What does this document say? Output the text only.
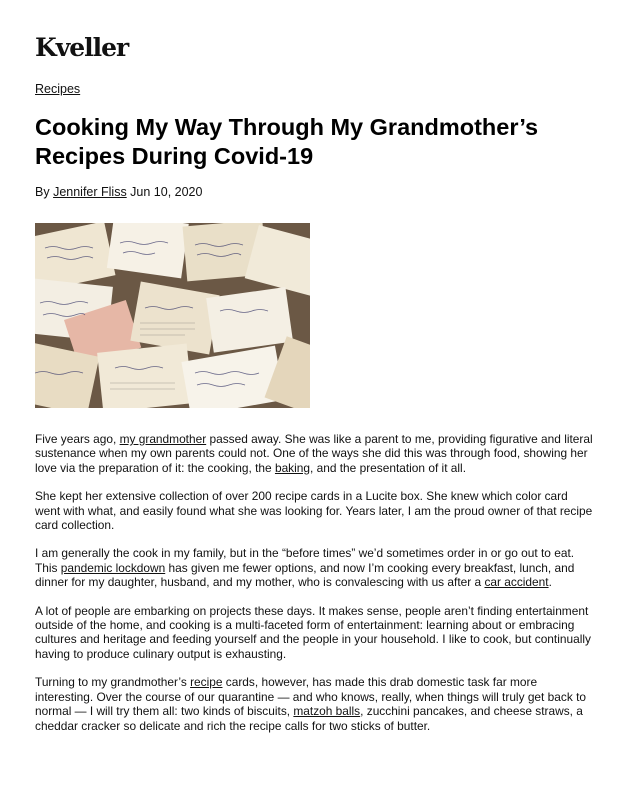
Kveller
Recipes
Cooking My Way Through My Grandmother’s Recipes During Covid-19
By Jennifer Fliss Jun 10, 2020

Five years ago, my grandmother passed away. She was like a parent to me, providing figurative and literal sustenance when my own parents could not. One of the ways she did this was through food, showing her love via the preparation of it: the cooking, the baking, and the presentation of it all.

She kept her extensive collection of over 200 recipe cards in a Lucite box. She knew which color card went with what, and easily found what she was looking for. Years later, I am the proud owner of that recipe card collection.

I am generally the cook in my family, but in the “before times” we’d sometimes order in or go out to eat. This pandemic lockdown has given me fewer options, and now I’m cooking every breakfast, lunch, and dinner for my daughter, husband, and my mother, who is convalescing with us after a car accident.

A lot of people are embarking on projects these days. It makes sense, people aren’t finding entertainment outside of the home, and cooking is a multi-faceted form of entertainment: learning about or embracing cultures and heritage and feeding yourself and the people in your household. I like to cook, but continually having to produce culinary output is exhausting.

Turning to my grandmother’s recipe cards, however, has made this drab domestic task far more interesting. Over the course of our quarantine — and who knows, really, when things will truly get back to normal — I will try them all: two kinds of biscuits, matzoh balls, zucchini pancakes, and cheese straws, a cheddar cracker so delicate and rich the recipe calls for two sticks of butter.
